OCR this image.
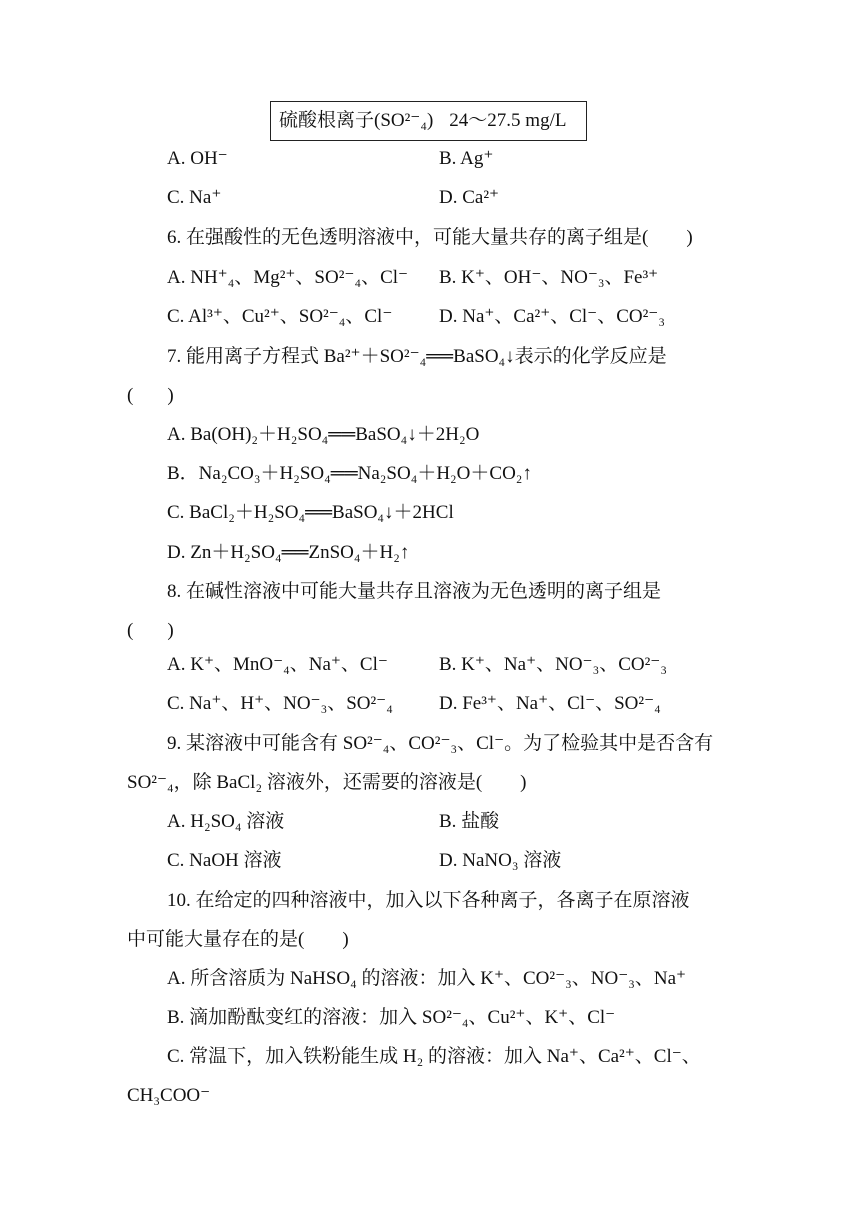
硫酸根离子(SO²⁻₄) 24～27.5 mg/L
A. OH⁻	B. Ag⁺
C. Na⁺	D. Ca²⁺
6. 在强酸性的无色透明溶液中，可能大量共存的离子组是( )
A. NH⁺₄、Mg²⁺、SO²⁻₄、Cl⁻ B. K⁺、OH⁻、NO⁻₃、Fe³⁺
C. Al³⁺、Cu²⁺、SO²⁻₄、Cl⁻ D. Na⁺、Ca²⁺、Cl⁻、CO²⁻₃
7. 能用离子方程式 Ba²⁺＋SO²⁻₄══BaSO₄↓表示的化学反应是
( )
A. Ba(OH)₂＋H₂SO₄══BaSO₄↓＋2H₂O
B．Na₂CO₃＋H₂SO₄══Na₂SO₄＋H₂O＋CO₂↑
C. BaCl₂＋H₂SO₄══BaSO₄↓＋2HCl
D. Zn＋H₂SO₄══ZnSO₄＋H₂↑
8. 在碱性溶液中可能大量共存且溶液为无色透明的离子组是
( )
A. K⁺、MnO⁻₄、Na⁺、Cl⁻	B. K⁺、Na⁺、NO⁻₃、CO²⁻₃
C. Na⁺、H⁺、NO⁻₃、SO²⁻₄ D. Fe³⁺、Na⁺、Cl⁻、SO²⁻₄
9. 某溶液中可能含有 SO²⁻₄、CO²⁻₃、Cl⁻。为了检验其中是否含有
SO²⁻₄，除 BaCl₂ 溶液外，还需要的溶液是( )
A. H₂SO₄ 溶液	B. 盐酸
C. NaOH 溶液	D. NaNO₃ 溶液
10. 在给定的四种溶液中，加入以下各种离子，各离子在原溶液
中可能大量存在的是( )
A. 所含溶质为 NaHSO₄ 的溶液：加入 K⁺、CO²⁻₃、NO⁻₃、Na⁺
B. 滴加酚酞变红的溶液：加入 SO²⁻₄、Cu²⁺、K⁺、Cl⁻
C. 常温下，加入铁粉能生成 H₂ 的溶液：加入 Na⁺、Ca²⁺、Cl⁻、
CH₃COO⁻
